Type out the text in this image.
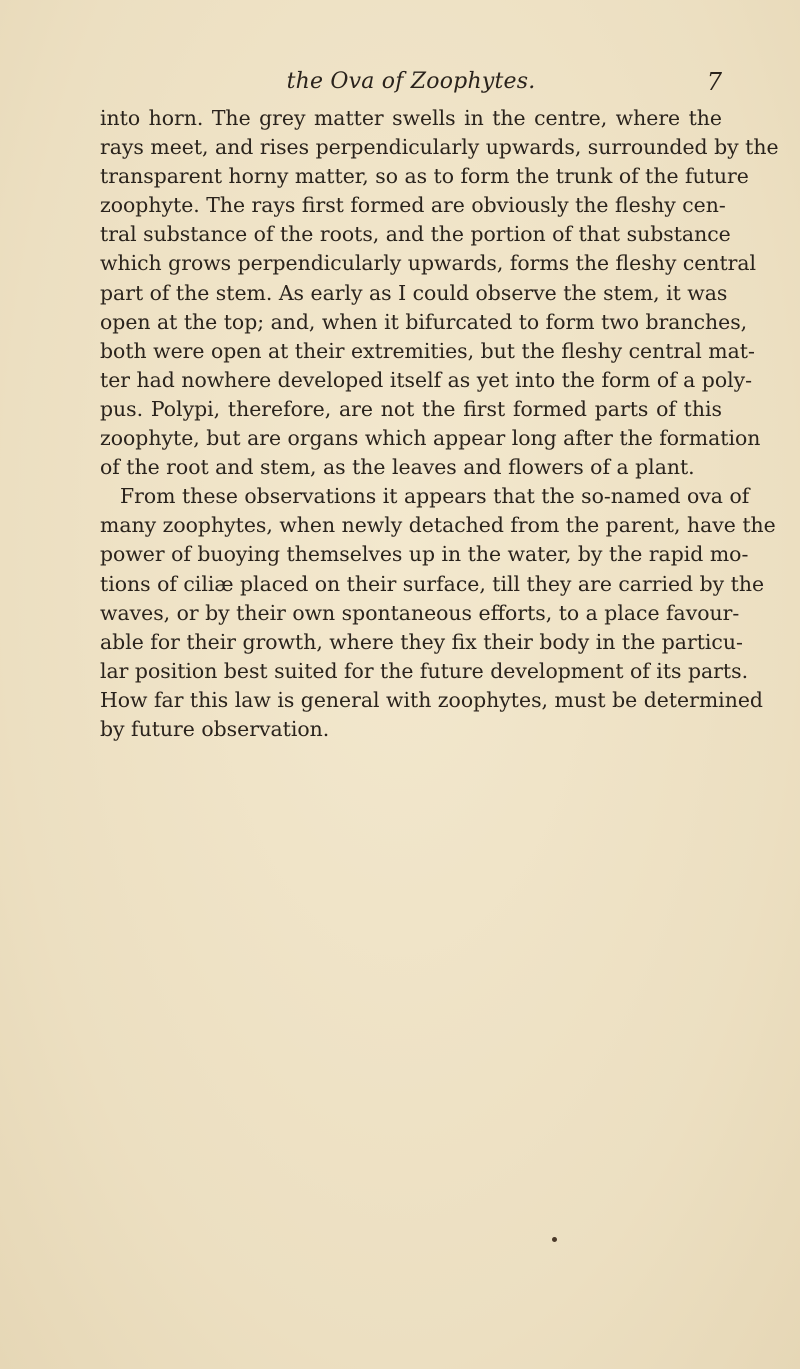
the Ova of Zoophytes.	7
into horn. The grey matter swells in the centre, where the
rays meet, and rises perpendicularly upwards, surrounded by the
transparent horny matter, so as to form the trunk of the future
zoophyte. The rays first formed are obviously the fleshy cen-
tral substance of the roots, and the portion of that substance
which grows perpendicularly upwards, forms the fleshy central
part of the stem. As early as I could observe the stem, it was
open at the top; and, when it bifurcated to form two branches,
both were open at their extremities, but the fleshy central mat-
ter had nowhere developed itself as yet into the form of a poly-
pus. Polypi, therefore, are not the first formed parts of this
zoophyte, but are organs which appear long after the formation
of the root and stem, as the leaves and flowers of a plant.
From these observations it appears that the so-named ova of
many zoophytes, when newly detached from the parent, have the
power of buoying themselves up in the water, by the rapid mo-
tions of ciliæ placed on their surface, till they are carried by the
waves, or by their own spontaneous efforts, to a place favour-
able for their growth, where they fix their body in the particu-
lar position best suited for the future development of its parts.
How far this law is general with zoophytes, must be determined
by future observation.
